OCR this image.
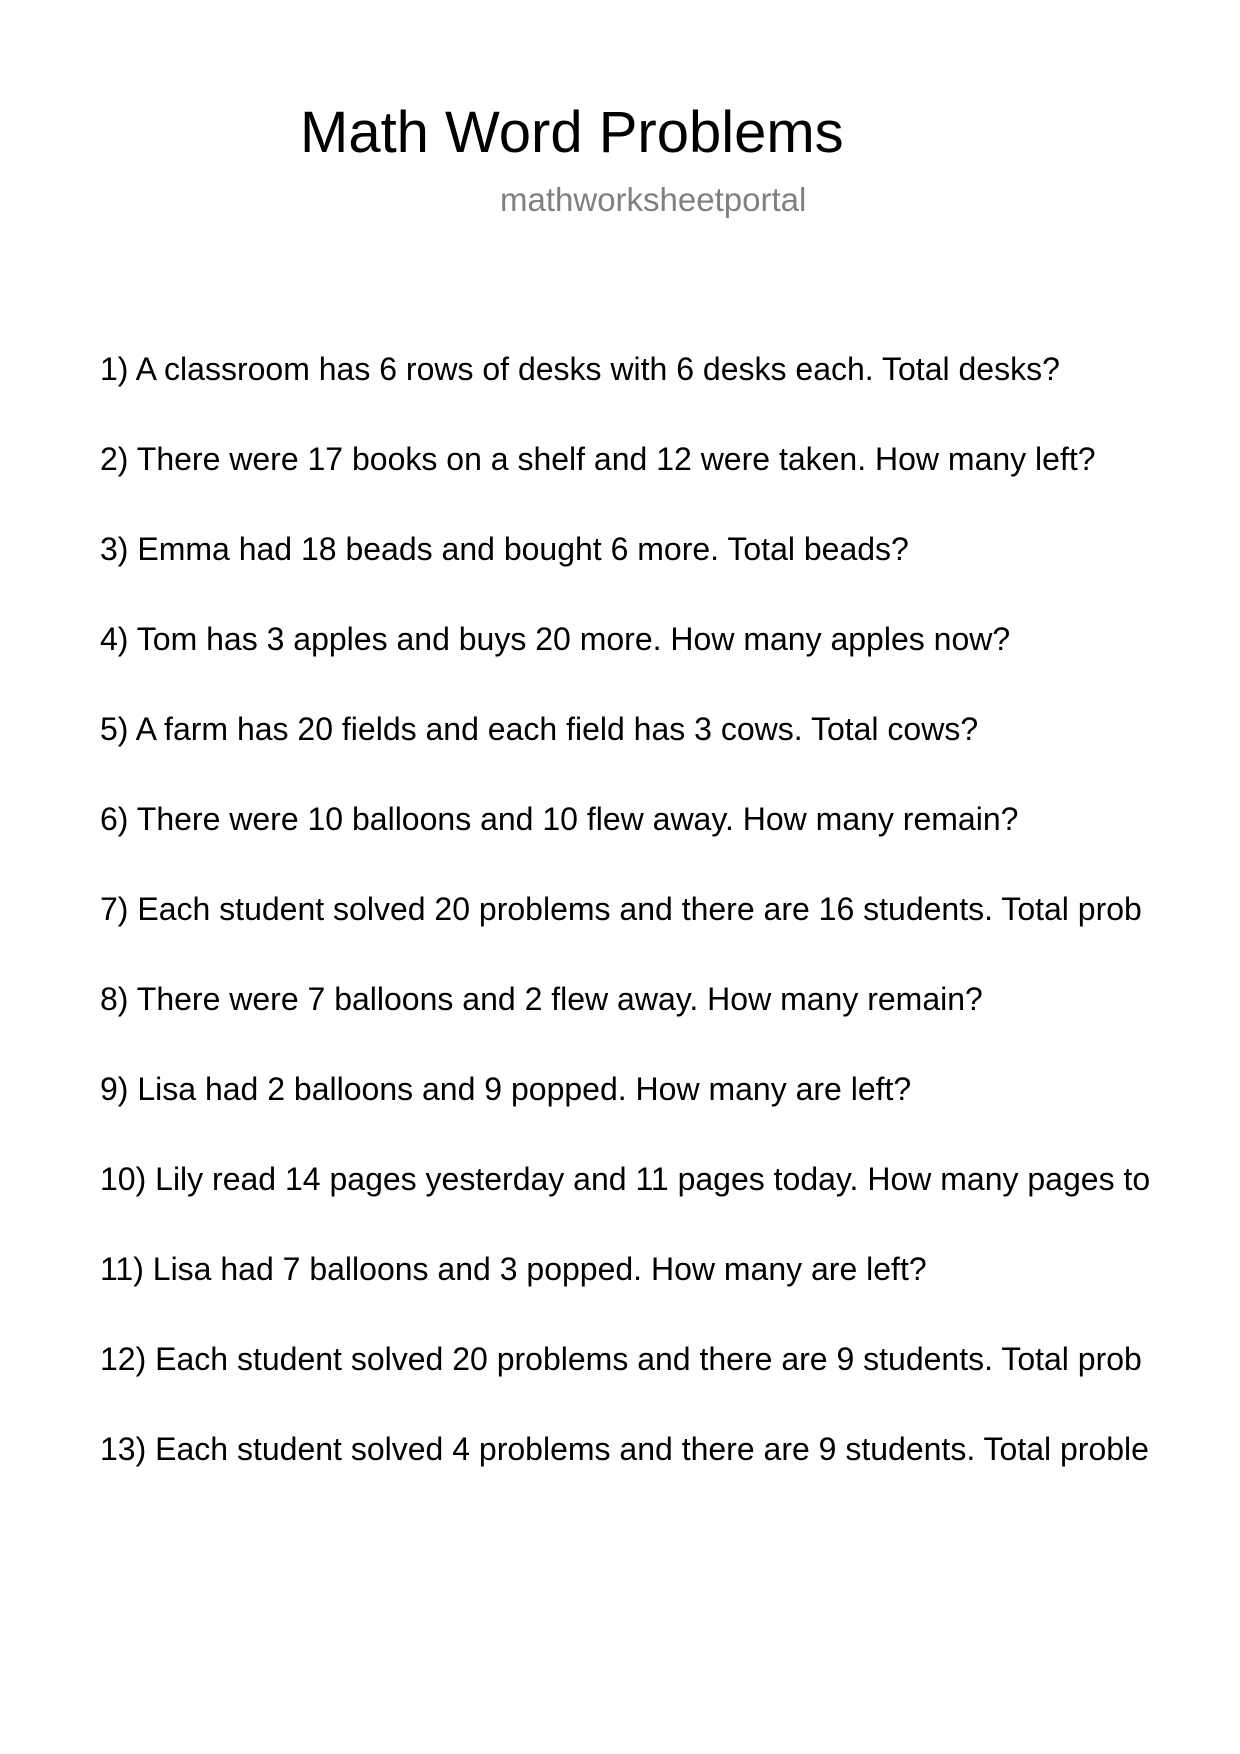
Math Word Problems
mathworksheetportal
1) A classroom has 6 rows of desks with 6 desks each. Total desks?
2) There were 17 books on a shelf and 12 were taken. How many left?
3) Emma had 18 beads and bought 6 more. Total beads?
4) Tom has 3 apples and buys 20 more. How many apples now?
5) A farm has 20 fields and each field has 3 cows. Total cows?
6) There were 10 balloons and 10 flew away. How many remain?
7) Each student solved 20 problems and there are 16 students. Total prob
8) There were 7 balloons and 2 flew away. How many remain?
9) Lisa had 2 balloons and 9 popped. How many are left?
10) Lily read 14 pages yesterday and 11 pages today. How many pages to
11) Lisa had 7 balloons and 3 popped. How many are left?
12) Each student solved 20 problems and there are 9 students. Total prob
13) Each student solved 4 problems and there are 9 students. Total proble
